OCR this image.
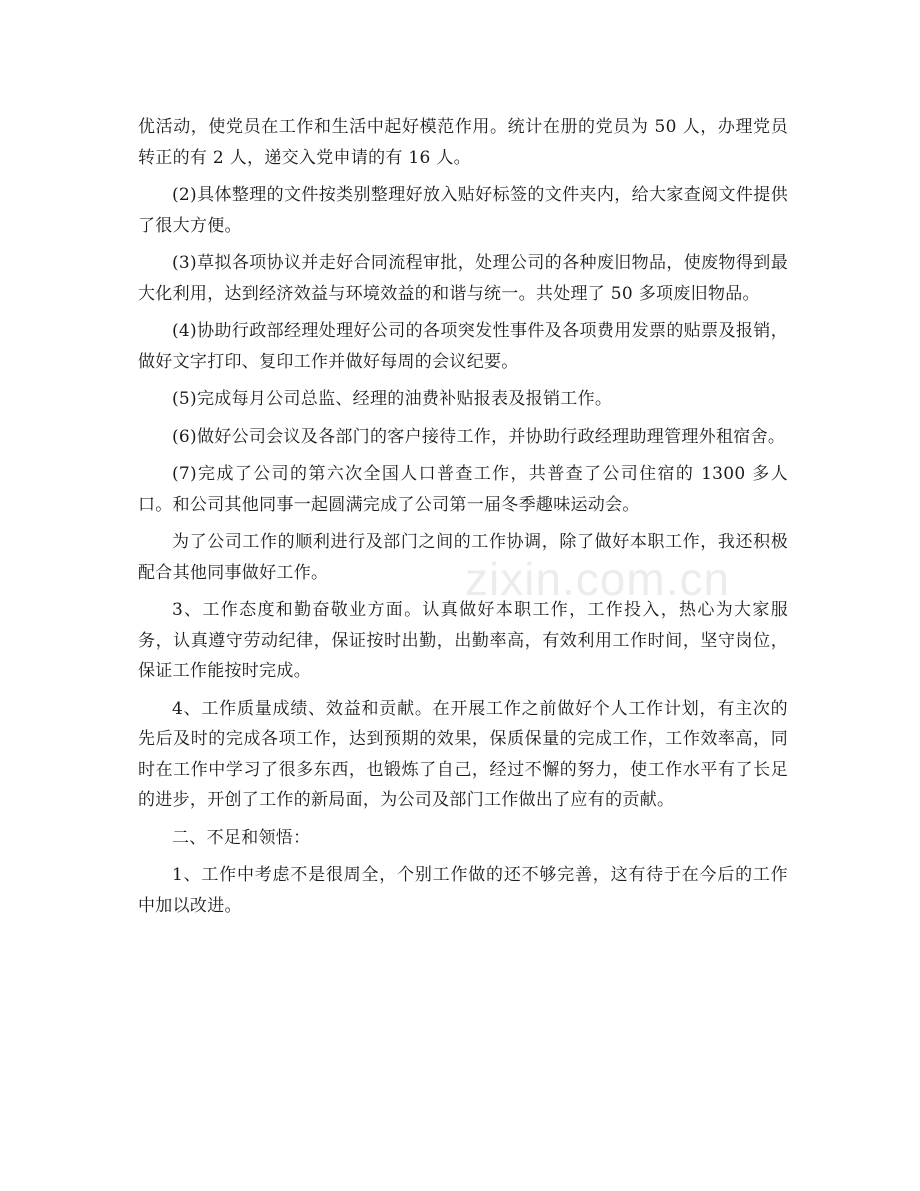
优活动，使党员在工作和生活中起好模范作用。统计在册的党员为 50 人，办理党员转正的有 2 人，递交入党申请的有 16 人。

(2)具体整理的文件按类别整理好放入贴好标签的文件夹内，给大家查阅文件提供了很大方便。

(3)草拟各项协议并走好合同流程审批，处理公司的各种废旧物品，使废物得到最大化利用，达到经济效益与环境效益的和谐与统一。共处理了 50 多项废旧物品。

(4)协助行政部经理处理好公司的各项突发性事件及各项费用发票的贴票及报销，做好文字打印、复印工作并做好每周的会议纪要。

(5)完成每月公司总监、经理的油费补贴报表及报销工作。

(6)做好公司会议及各部门的客户接待工作，并协助行政经理助理管理外租宿舍。

(7)完成了公司的第六次全国人口普查工作，共普查了公司住宿的 1300 多人口。和公司其他同事一起圆满完成了公司第一届冬季趣味运动会。

为了公司工作的顺利进行及部门之间的工作协调，除了做好本职工作，我还积极配合其他同事做好工作。

3、工作态度和勤奋敬业方面。认真做好本职工作，工作投入，热心为大家服务，认真遵守劳动纪律，保证按时出勤，出勤率高，有效利用工作时间，坚守岗位，保证工作能按时完成。

4、工作质量成绩、效益和贡献。在开展工作之前做好个人工作计划，有主次的先后及时的完成各项工作，达到预期的效果，保质保量的完成工作，工作效率高，同时在工作中学习了很多东西，也锻炼了自己，经过不懈的努力，使工作水平有了长足的进步，开创了工作的新局面，为公司及部门工作做出了应有的贡献。

二、不足和领悟：

1、工作中考虑不是很周全，个别工作做的还不够完善，这有待于在今后的工作中加以改进。

zixin.com.cn
